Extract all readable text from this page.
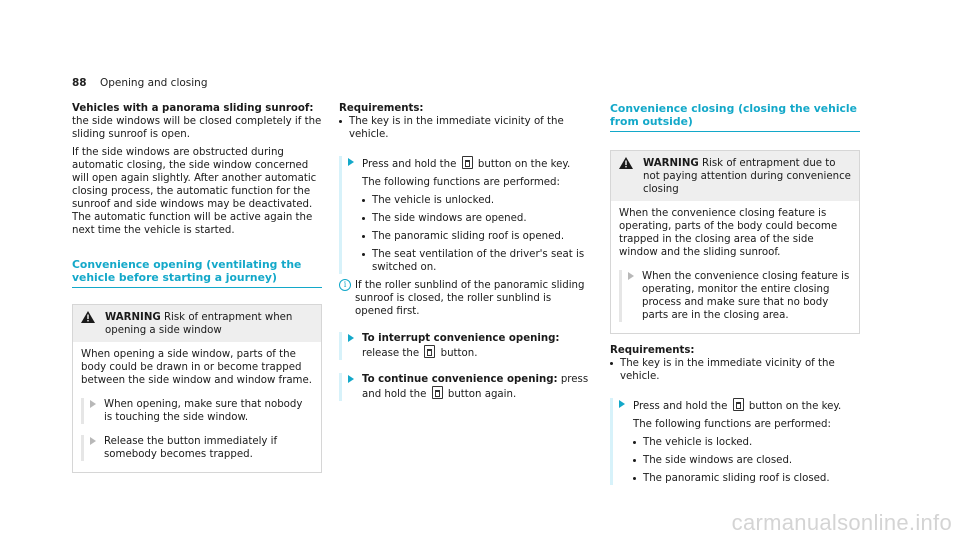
88 Opening and closing

Vehicles with a panorama sliding sunroof: the side windows will be closed completely if the sliding sunroof is open.

If the side windows are obstructed during automatic closing, the side window concerned will open again slightly. After another automatic closing process, the automatic function for the sunroof and side windows may be deactivated. The automatic function will be active again the next time the vehicle is started.

Convenience opening (ventilating the vehicle before starting a journey)
WARNING Risk of entrapment when opening a side window

When opening a side window, parts of the body could be drawn in or become trapped between the side window and window frame.

When opening, make sure that nobody is touching the side window.

Release the button immediately if somebody becomes trapped.

Requirements:
The key is in the immediate vicinity of the vehicle.

Press and hold the button on the key.

The following functions are performed:

The vehicle is unlocked.
The side windows are opened.
The panoramic sliding roof is opened.
The seat ventilation of the driver's seat is switched on.
i If the roller sunblind of the panoramic sliding sunroof is closed, the roller sunblind is opened first.

To interrupt convenience opening: release the button.

To continue convenience opening: press and hold the button again.

Convenience closing (closing the vehicle from outside)
WARNING Risk of entrapment due to not paying attention during convenience closing

When the convenience closing feature is operating, parts of the body could become trapped in the closing area of the side window and the sliding sunroof.

When the convenience closing feature is operating, monitor the entire closing process and make sure that no body parts are in the closing area.

Requirements:
The key is in the immediate vicinity of the vehicle.

Press and hold the button on the key.

The following functions are performed:

The vehicle is locked.
The side windows are closed.
The panoramic sliding roof is closed.
carmanualsonline.info
